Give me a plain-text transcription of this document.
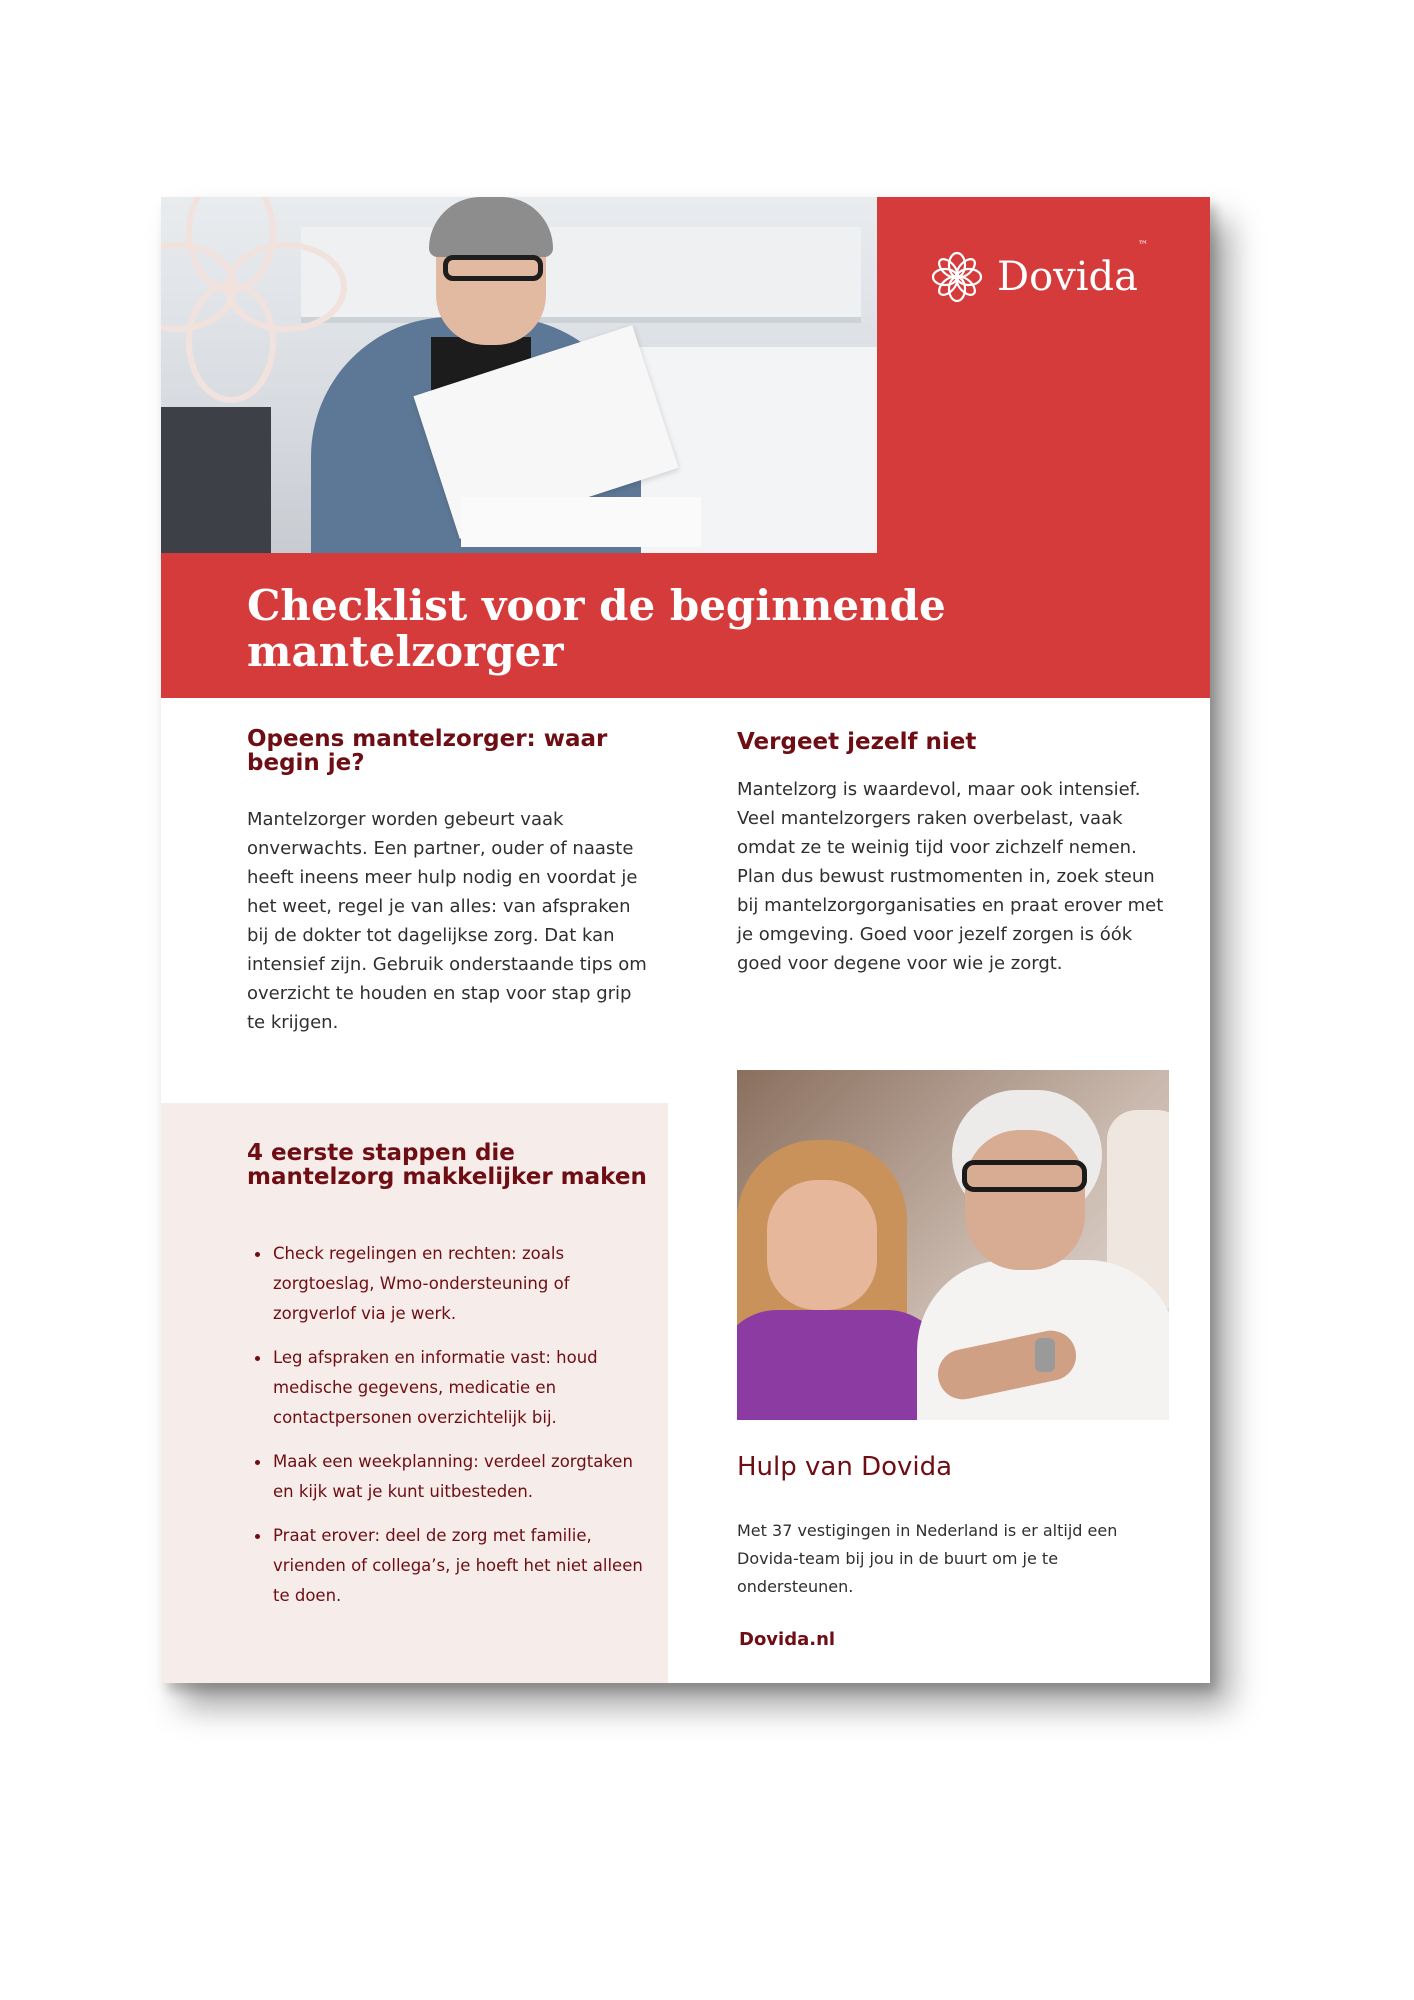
Dovida™
Checklist voor de beginnende mantelzorger
Opeens mantelzorger: waar begin je?

Mantelzorger worden gebeurt vaak onverwachts. Een partner, ouder of naaste heeft ineens meer hulp nodig en voordat je het weet, regel je van alles: van afspraken bij de dokter tot dagelijkse zorg. Dat kan intensief zijn. Gebruik onderstaande tips om overzicht te houden en stap voor stap grip te krijgen.

Vergeet jezelf niet

Mantelzorg is waardevol, maar ook intensief. Veel mantelzorgers raken overbelast, vaak omdat ze te weinig tijd voor zichzelf nemen. Plan dus bewust rustmomenten in, zoek steun bij mantelzorgorganisaties en praat erover met je omgeving. Goed voor jezelf zorgen is óók goed voor degene voor wie je zorgt.

4 eerste stappen die mantelzorg makkelijker maken
Check regelingen en rechten: zoals zorgtoeslag, Wmo-ondersteuning of zorgverlof via je werk.
Leg afspraken en informatie vast: houd medische gegevens, medicatie en contactpersonen overzichtelijk bij.
Maak een weekplanning: verdeel zorgtaken en kijk wat je kunt uitbesteden.
Praat erover: deel de zorg met familie, vrienden of collega’s, je hoeft het niet alleen te doen.
Hulp van Dovida

Met 37 vestigingen in Nederland is er altijd een Dovida-team bij jou in de buurt om je te ondersteunen.

Dovida.nl
